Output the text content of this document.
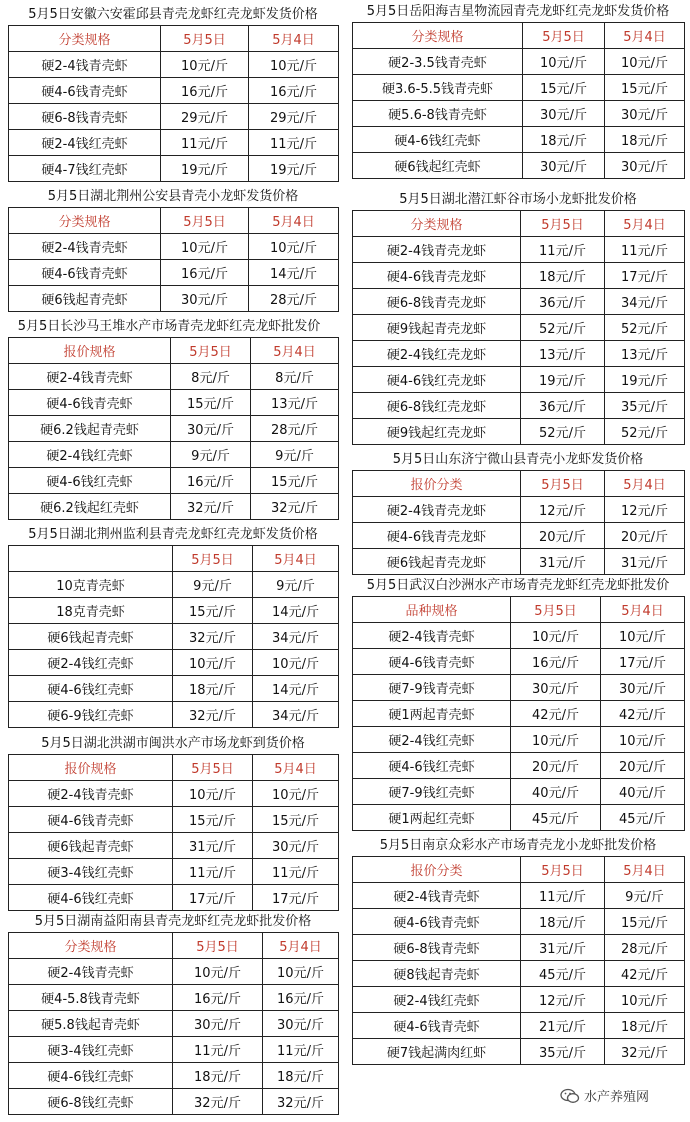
5月5日安徽六安霍邱县青壳龙虾红壳龙虾发货价格
分类规格	5月5日	5月4日
硬2-4钱青壳虾	10元/斤	10元/斤
硬4-6钱青壳虾	16元/斤	16元/斤
硬6-8钱青壳虾	29元/斤	29元/斤
硬2-4钱红壳虾	11元/斤	11元/斤
硬4-7钱红壳虾	19元/斤	19元/斤
5月5日湖北荆州公安县青壳小龙虾发货价格
分类规格	5月5日	5月4日
硬2-4钱青壳虾	10元/斤	10元/斤
硬4-6钱青壳虾	16元/斤	14元/斤
硬6钱起青壳虾	30元/斤	28元/斤
5月5日长沙马王堆水产市场青壳龙虾红壳龙虾批发价
报价规格	5月5日	5月4日
硬2-4钱青壳虾	8元/斤	8元/斤
硬4-6钱青壳虾	15元/斤	13元/斤
硬6.2钱起青壳虾	30元/斤	28元/斤
硬2-4钱红壳虾	9元/斤	9元/斤
硬4-6钱红壳虾	16元/斤	15元/斤
硬6.2钱起红壳虾	32元/斤	32元/斤
5月5日湖北荆州监利县青壳龙虾红壳龙虾发货价格
	5月5日	5月4日
10克青壳虾	9元/斤	9元/斤
18克青壳虾	15元/斤	14元/斤
硬6钱起青壳虾	32元/斤	34元/斤
硬2-4钱红壳虾	10元/斤	10元/斤
硬4-6钱红壳虾	18元/斤	14元/斤
硬6-9钱红壳虾	32元/斤	34元/斤
5月5日湖北洪湖市闽洪水产市场龙虾到货价格
报价规格	5月5日	5月4日
硬2-4钱青壳虾	10元/斤	10元/斤
硬4-6钱青壳虾	15元/斤	15元/斤
硬6钱起青壳虾	31元/斤	30元/斤
硬3-4钱红壳虾	11元/斤	11元/斤
硬4-6钱红壳虾	17元/斤	17元/斤
5月5日湖南益阳南县青壳龙虾红壳龙虾批发价格
分类规格	5月5日	5月4日
硬2-4钱青壳虾	10元/斤	10元/斤
硬4-5.8钱青壳虾	16元/斤	16元/斤
硬5.8钱起青壳虾	30元/斤	30元/斤
硬3-4钱红壳虾	11元/斤	11元/斤
硬4-6钱红壳虾	18元/斤	18元/斤
硬6-8钱红壳虾	32元/斤	32元/斤
5月5日岳阳海吉星物流园青壳龙虾红壳龙虾发货价格
分类规格	5月5日	5月4日
硬2-3.5钱青壳虾	10元/斤	10元/斤
硬3.6-5.5钱青壳虾	15元/斤	15元/斤
硬5.6-8钱青壳虾	30元/斤	30元/斤
硬4-6钱红壳虾	18元/斤	18元/斤
硬6钱起红壳虾	30元/斤	30元/斤
5月5日湖北潜江虾谷市场小龙虾批发价格
分类规格	5月5日	5月4日
硬2-4钱青壳龙虾	11元/斤	11元/斤
硬4-6钱青壳龙虾	18元/斤	17元/斤
硬6-8钱青壳龙虾	36元/斤	34元/斤
硬9钱起青壳龙虾	52元/斤	52元/斤
硬2-4钱红壳龙虾	13元/斤	13元/斤
硬4-6钱红壳龙虾	19元/斤	19元/斤
硬6-8钱红壳龙虾	36元/斤	35元/斤
硬9钱起红壳龙虾	52元/斤	52元/斤
5月5日山东济宁微山县青壳小龙虾发货价格
报价分类	5月5日	5月4日
硬2-4钱青壳龙虾	12元/斤	12元/斤
硬4-6钱青壳龙虾	20元/斤	20元/斤
硬6钱起青壳龙虾	31元/斤	31元/斤
5月5日武汉白沙洲水产市场青壳龙虾红壳龙虾批发价
品种规格	5月5日	5月4日
硬2-4钱青壳虾	10元/斤	10元/斤
硬4-6钱青壳虾	16元/斤	17元/斤
硬7-9钱青壳虾	30元/斤	30元/斤
硬1两起青壳虾	42元/斤	42元/斤
硬2-4钱红壳虾	10元/斤	10元/斤
硬4-6钱红壳虾	20元/斤	20元/斤
硬7-9钱红壳虾	40元/斤	40元/斤
硬1两起红壳虾	45元/斤	45元/斤
5月5日南京众彩水产市场青壳龙小龙虾批发价格
报价分类	5月5日	5月4日
硬2-4钱青壳虾	11元/斤	9元/斤
硬4-6钱青壳虾	18元/斤	15元/斤
硬6-8钱青壳虾	31元/斤	28元/斤
硬8钱起青壳虾	45元/斤	42元/斤
硬2-4钱红壳虾	12元/斤	10元/斤
硬4-6钱青壳虾	21元/斤	18元/斤
硬7钱起满肉红虾	35元/斤	32元/斤
水产养殖网
